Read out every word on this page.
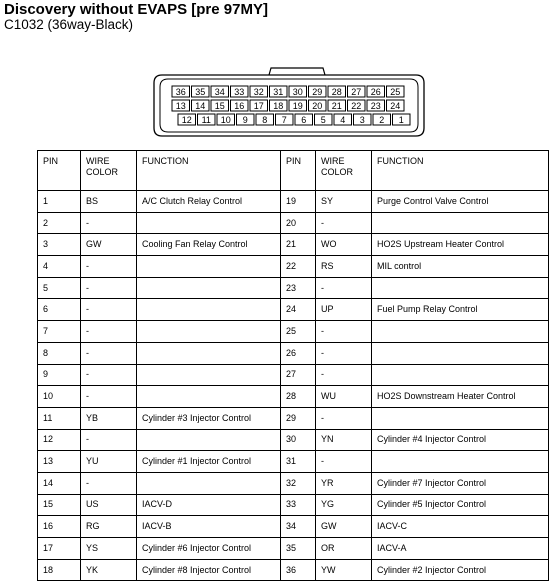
Discovery without EVAPS [pre 97MY]
C1032 (36way-Black)
36 35 34 33 32 31 30 29 28 27 26 25
13 14 15 16 17 18 19 20 21 22 23 24
12 11 10 9 8 7 6 5 4 3 2 1
PIN	WIRE COLOR	FUNCTION	PIN	WIRE COLOR	FUNCTION
1	BS	A/C Clutch Relay Control	19	SY	Purge Control Valve Control
2	-		20	-	
3	GW	Cooling Fan Relay Control	21	WO	HO2S Upstream Heater Control
4	-		22	RS	MIL control
5	-		23	-	
6	-		24	UP	Fuel Pump Relay Control
7	-		25	-	
8	-		26	-	
9	-		27	-	
10	-		28	WU	HO2S Downstream Heater Control
11	YB	Cylinder #3 Injector Control	29	-	
12	-		30	YN	Cylinder #4 Injector Control
13	YU	Cylinder #1 Injector Control	31	-	
14	-		32	YR	Cylinder #7 Injector Control
15	US	IACV-D	33	YG	Cylinder #5 Injector Control
16	RG	IACV-B	34	GW	IACV-C
17	YS	Cylinder #6 Injector Control	35	OR	IACV-A
18	YK	Cylinder #8 Injector Control	36	YW	Cylinder #2 Injector Control
